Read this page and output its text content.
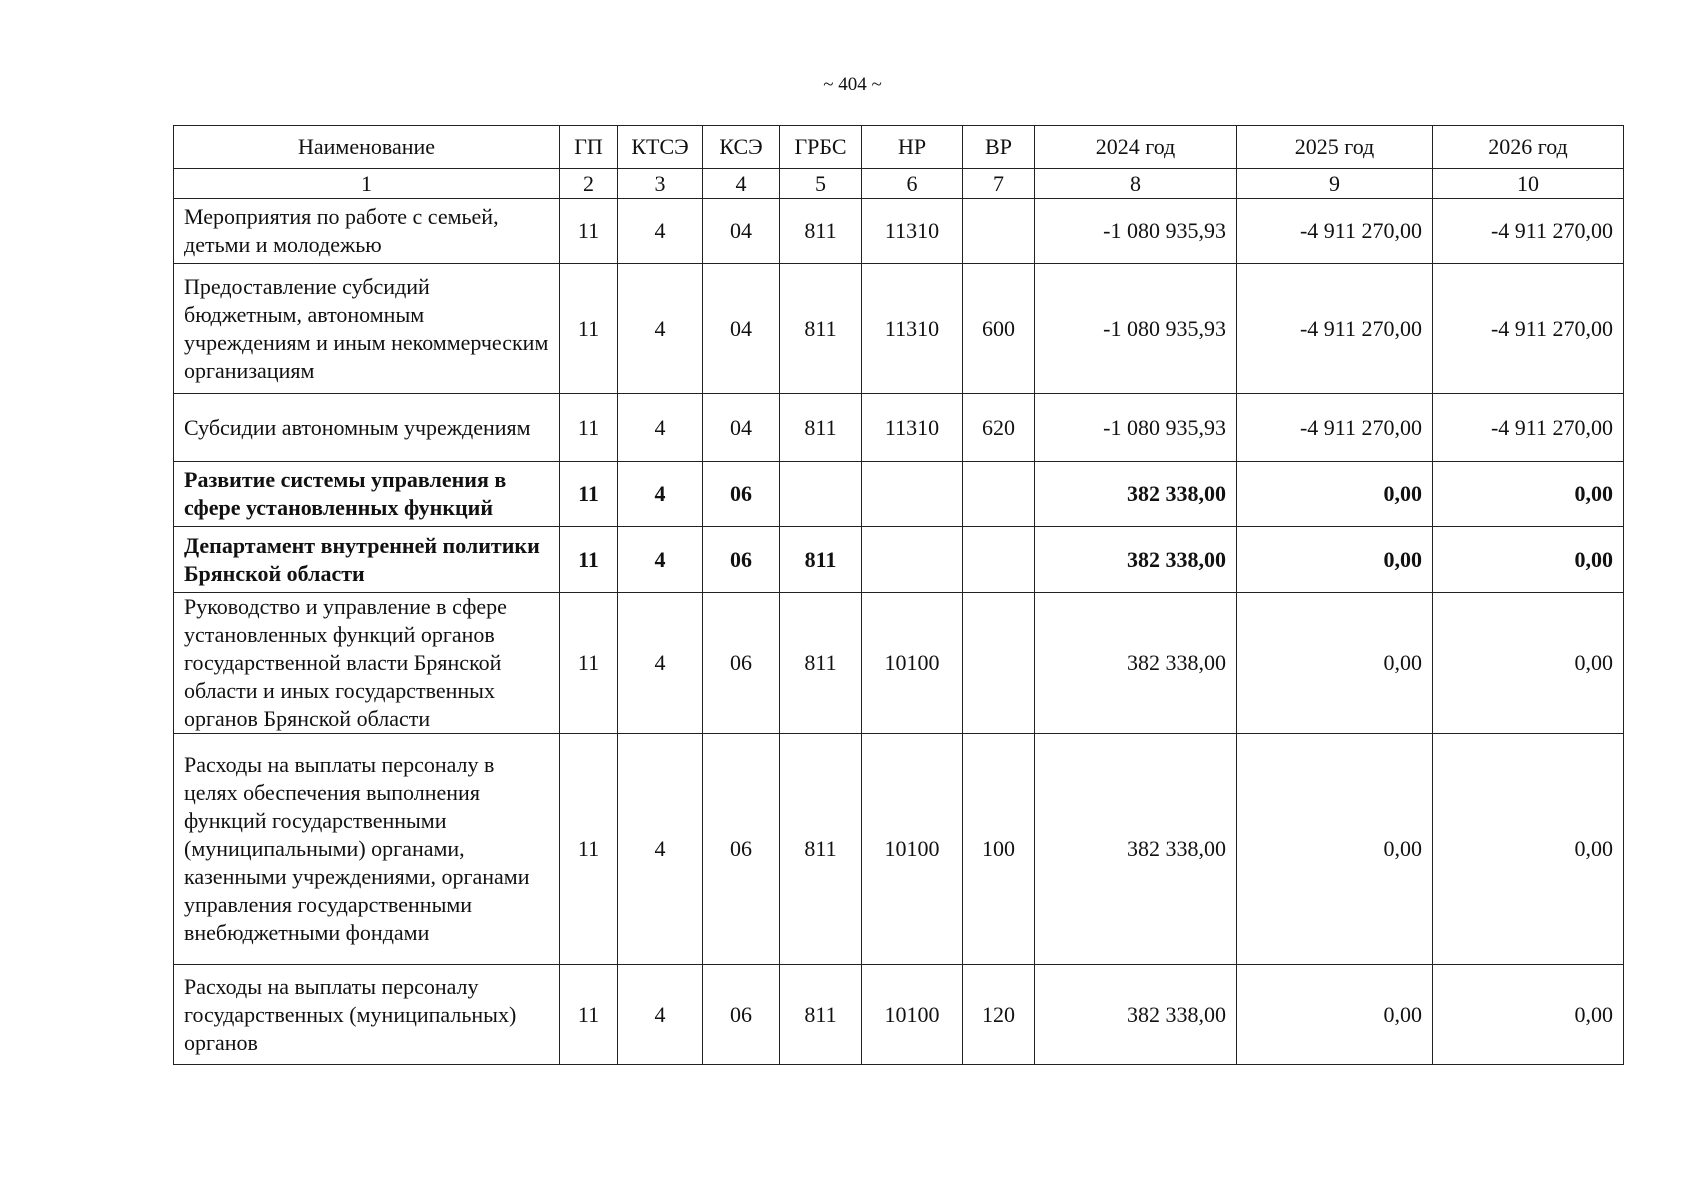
~ 404 ~
Наименование	ГП	КТСЭ	КСЭ	ГРБС	НР	ВР	2024 год	2025 год	2026 год
1	2	3	4	5	6	7	8	9	10
Мероприятия по работе с семьей, детьми и молодежью	11	4	04	811	11310		-1 080 935,93	-4 911 270,00	-4 911 270,00
Предоставление субсидий бюджетным, автономным учреждениям и иным некоммерческим организациям	11	4	04	811	11310	600	-1 080 935,93	-4 911 270,00	-4 911 270,00
Субсидии автономным учреждениям	11	4	04	811	11310	620	-1 080 935,93	-4 911 270,00	-4 911 270,00
Развитие системы управления в сфере установленных функций	11	4	06				382 338,00	0,00	0,00
Департамент внутренней политики Брянской области	11	4	06	811			382 338,00	0,00	0,00
Руководство и управление в сфере установленных функций органов государственной власти Брянской области и иных государственных органов Брянской области	11	4	06	811	10100		382 338,00	0,00	0,00
Расходы на выплаты персоналу в целях обеспечения выполнения функций государственными (муниципальными) органами, казенными учреждениями, органами управления государственными внебюджетными фондами	11	4	06	811	10100	100	382 338,00	0,00	0,00
Расходы на выплаты персоналу государственных (муниципальных) органов	11	4	06	811	10100	120	382 338,00	0,00	0,00
